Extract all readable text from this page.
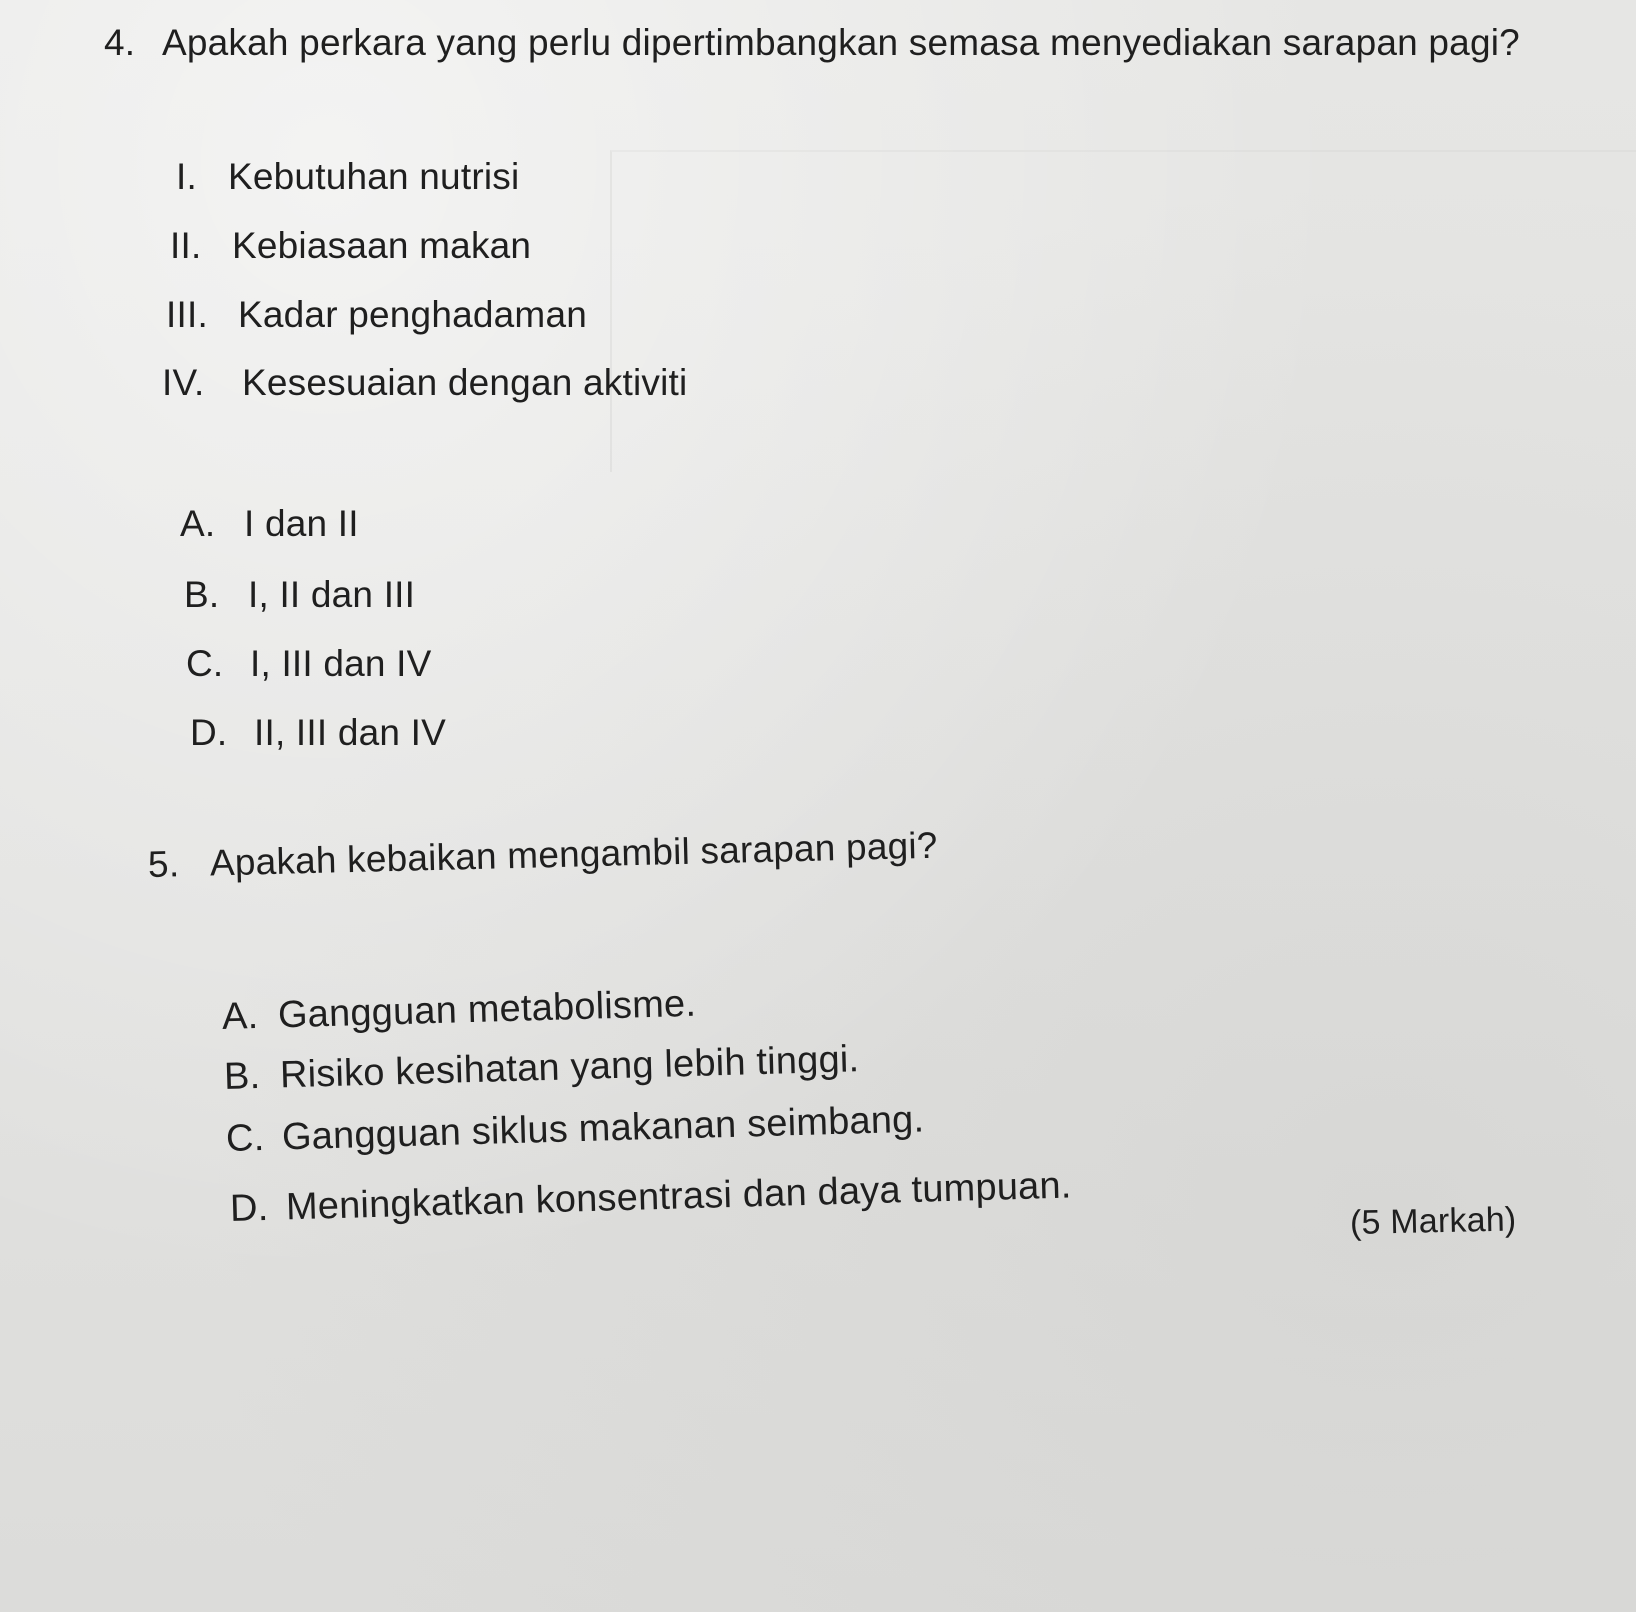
4. Apakah perkara yang perlu dipertimbangkan semasa menyediakan sarapan pagi?
I. Kebutuhan nutrisi
II. Kebiasaan makan
III. Kadar penghadaman
IV. Kesesuaian dengan aktiviti
A. I dan II
B. I, II dan III
C. I, III dan IV
D. II, III dan IV
5. Apakah kebaikan mengambil sarapan pagi?
A. Gangguan metabolisme.
B. Risiko kesihatan yang lebih tinggi.
C. Gangguan siklus makanan seimbang.
D. Meningkatkan konsentrasi dan daya tumpuan.	(5 Markah)
